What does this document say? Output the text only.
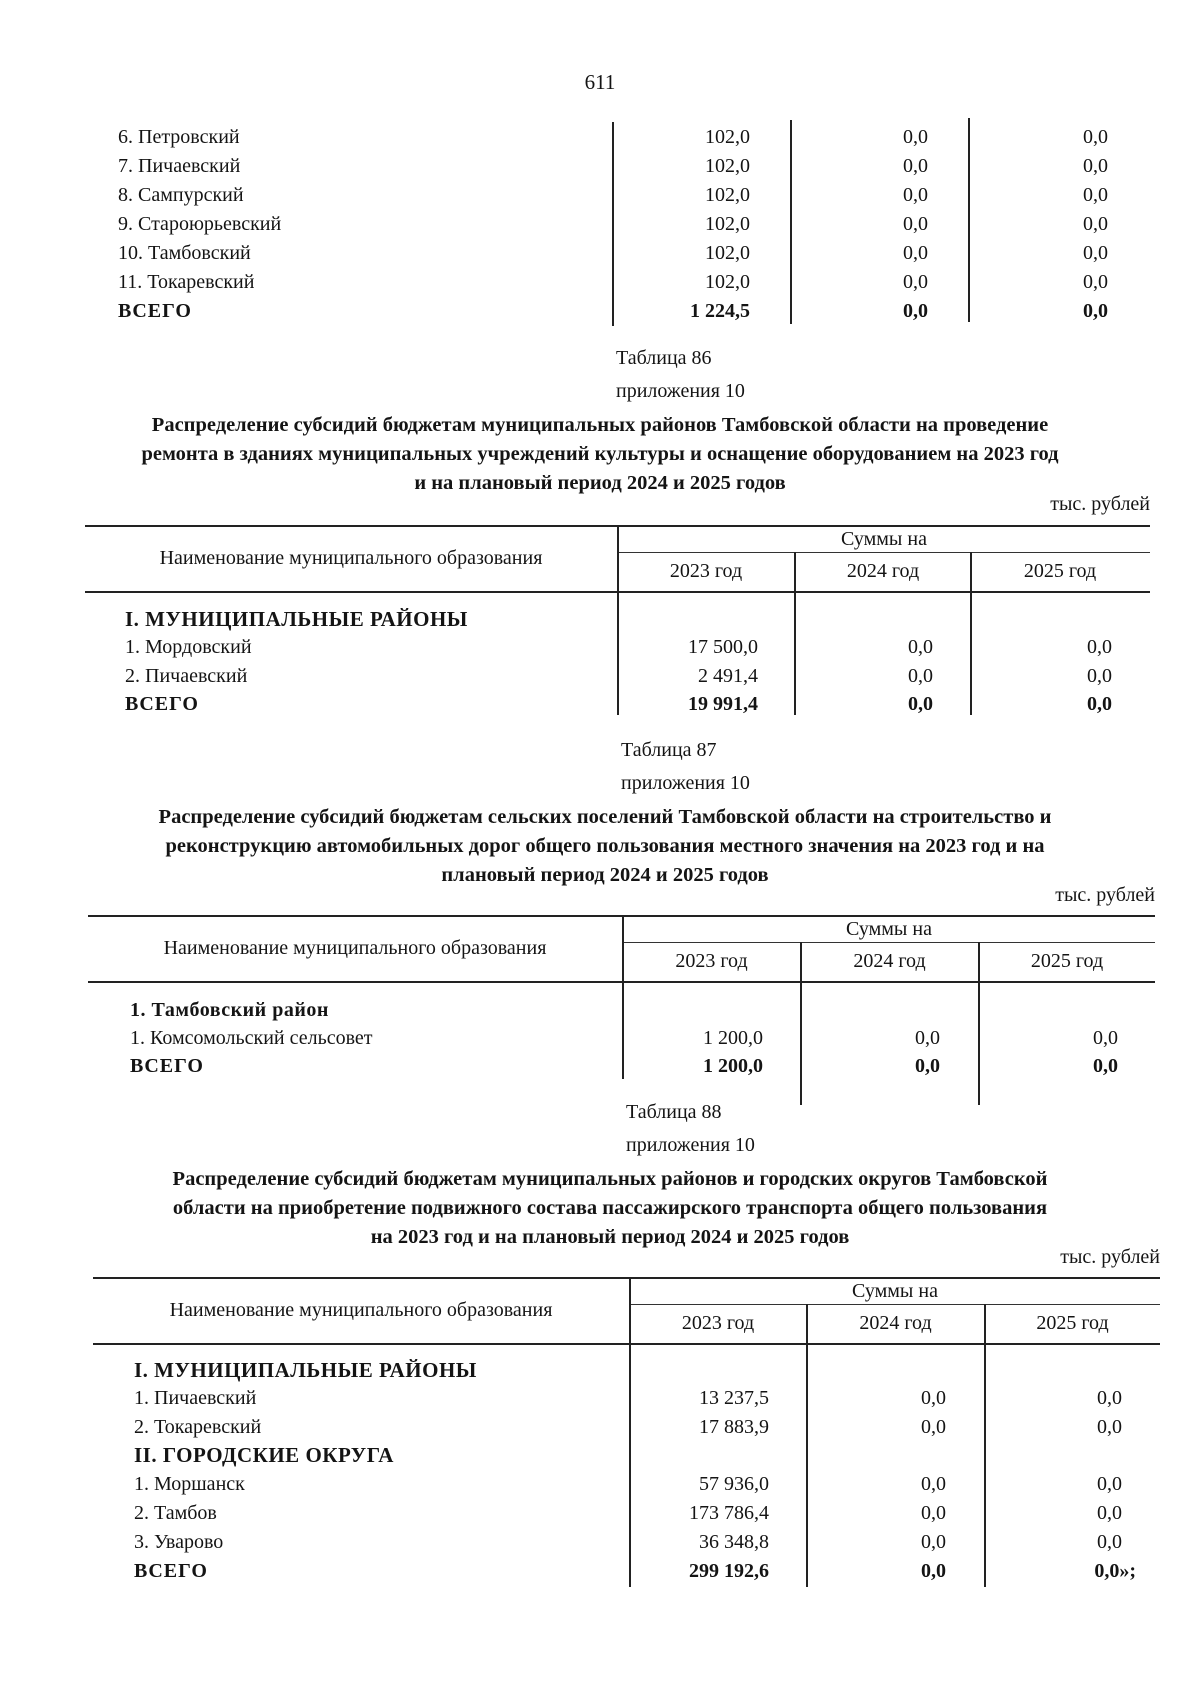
611
6. Петровский	102,0	0,0	0,0
7. Пичаевский	102,0	0,0	0,0
8. Сампурский	102,0	0,0	0,0
9. Староюрьевский	102,0	0,0	0,0
10. Тамбовский	102,0	0,0	0,0
11. Токаревский	102,0	0,0	0,0
ВСЕГО	1 224,5	0,0	0,0
Таблица 86
приложения 10
Распределение субсидий бюджетам муниципальных районов Тамбовской области на проведение
ремонта в зданиях муниципальных учреждений культуры и оснащение оборудованием на 2023 год
и на плановый период 2024 и 2025 годов
тыс. рублей
Наименование муниципального образования
Суммы на
2023 год	2024 год	2025 год
I. МУНИЦИПАЛЬНЫЕ РАЙОНЫ
1. Мордовский	17 500,0	0,0	0,0
2. Пичаевский	2 491,4	0,0	0,0
ВСЕГО	19 991,4	0,0	0,0
Таблица 87
приложения 10
Распределение субсидий бюджетам сельских поселений Тамбовской области на строительство и
реконструкцию автомобильных дорог общего пользования местного значения на 2023 год и на
плановый период 2024 и 2025 годов
тыс. рублей
Наименование муниципального образования
Суммы на
2023 год	2024 год	2025 год
1. Тамбовский район
1. Комсомольский сельсовет	1 200,0	0,0	0,0
ВСЕГО	1 200,0	0,0	0,0
Таблица 88
приложения 10
Распределение субсидий бюджетам муниципальных районов и городских округов Тамбовской
области на приобретение подвижного состава пассажирского транспорта общего пользования
на 2023 год и на плановый период 2024 и 2025 годов
тыс. рублей
Наименование муниципального образования
Суммы на
2023 год	2024 год	2025 год
I. МУНИЦИПАЛЬНЫЕ РАЙОНЫ
1. Пичаевский	13 237,5	0,0	0,0
2. Токаревский	17 883,9	0,0	0,0
II. ГОРОДСКИЕ ОКРУГА
1. Моршанск	57 936,0	0,0	0,0
2. Тамбов	173 786,4	0,0	0,0
3. Уварово	36 348,8	0,0	0,0
ВСЕГО	299 192,6	0,0	0,0»;
